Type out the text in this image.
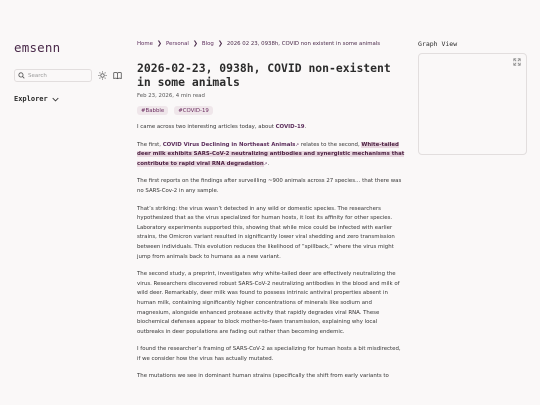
emsenn
Search
Explorer
Home ❯ Personal ❯ Blog ❯ 2026 02 23, 0938h, COVID non existent in some animals
2026-02-23, 0938h, COVID non-existent in some animals
Feb 23, 2026, 4 min read
#Babble	#COVID-19

I came across two interesting articles today, about COVID-19.

The first, COVID Virus Declining in Northeast Animals↗ relates to the second, White-tailed deer milk exhibits SARS-CoV-2 neutralizing antibodies and synergistic mechanisms that contribute to rapid viral RNA degradation↗.

The first reports on the findings after surveilling ~900 animals across 27 species… that there was no SARS-Cov-2 in any sample.

That’s striking: the virus wasn’t detected in any wild or domestic species. The researchers hypothesized that as the virus specialized for human hosts, it lost its affinity for other species. Laboratory experiments supported this, showing that while mice could be infected with earlier strains, the Omicron variant resulted in significantly lower viral shedding and zero transmission between individuals. This evolution reduces the likelihood of “spillback,” where the virus might jump from animals back to humans as a new variant.

The second study, a preprint, investigates why white-tailed deer are effectively neutralizing the virus. Researchers discovered robust SARS-CoV-2 neutralizing antibodies in the blood and milk of wild deer. Remarkably, deer milk was found to possess intrinsic antiviral properties absent in human milk, containing significantly higher concentrations of minerals like sodium and magnesium, alongside enhanced protease activity that rapidly degrades viral RNA. These biochemical defenses appear to block mother-to-fawn transmission, explaining why local outbreaks in deer populations are fading out rather than becoming endemic.

I found the researcher’s framing of SARS-CoV-2 as specializing for human hosts a bit misdirected, if we consider how the virus has actually mutated.

The mutations we see in dominant human strains (specifically the shift from early variants to

Graph View
